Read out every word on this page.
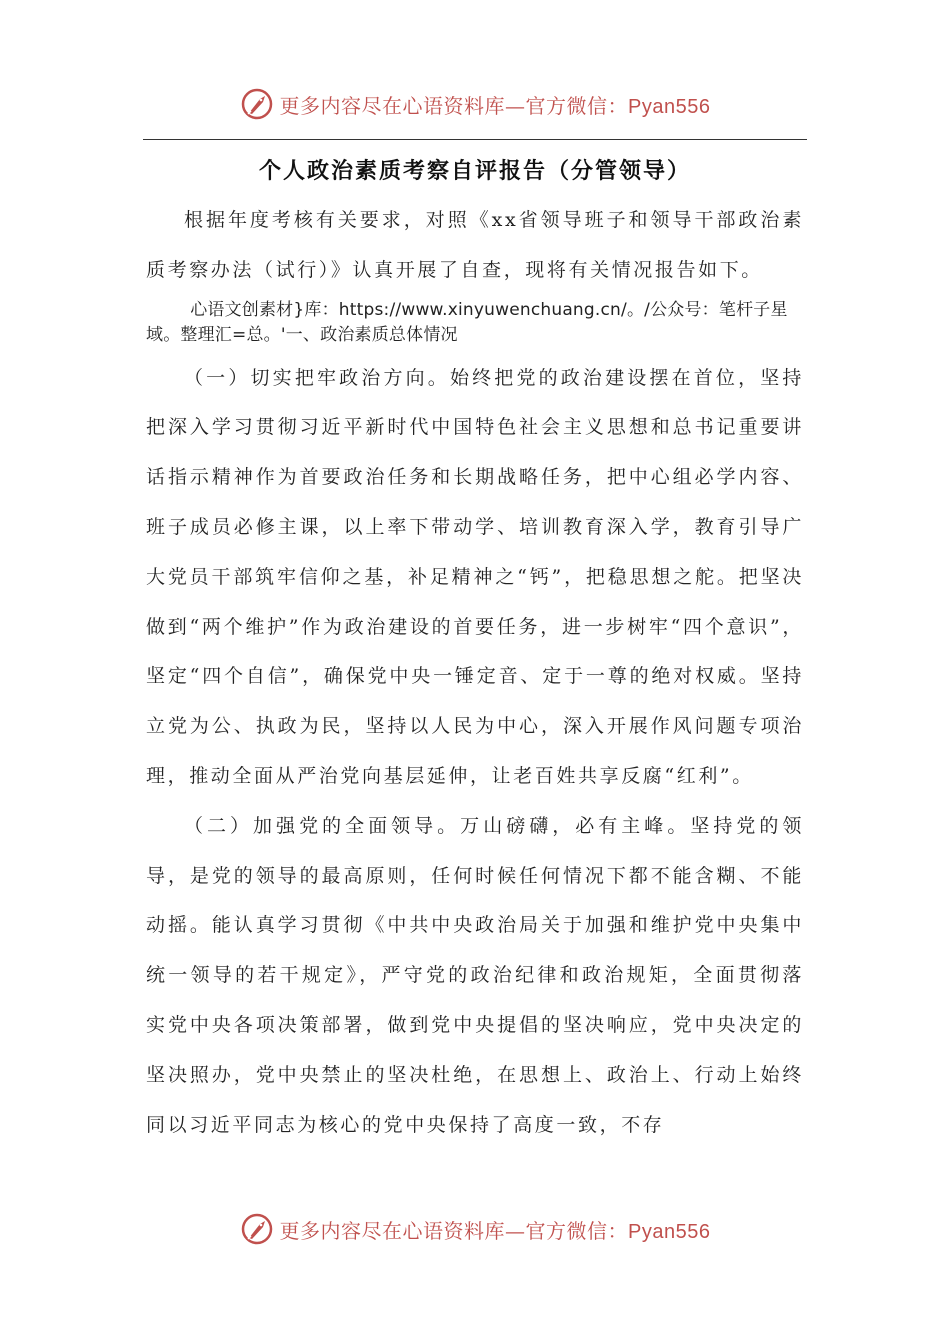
更多内容尽在心语资料库—官方微信：Pyan556
个人政治素质考察自评报告（分管领导）

根据年度考核有关要求，对照《xx省领导班子和领导干部政治素质考察办法（试行）》认真开展了自查，现将有关情况报告如下。

心语文创素材}库：https://www.xinyuwenchuang.cn/。/公众号：笔杆子星域。整理汇=总。'一、政治素质总体情况

（一）切实把牢政治方向。始终把党的政治建设摆在首位，坚持把深入学习贯彻习近平新时代中国特色社会主义思想和总书记重要讲话指示精神作为首要政治任务和长期战略任务，把中心组必学内容、班子成员必修主课，以上率下带动学、培训教育深入学，教育引导广大党员干部筑牢信仰之基，补足精神之“钙”，把稳思想之舵。把坚决做到“两个维护”作为政治建设的首要任务，进一步树牢“四个意识”，坚定“四个自信”，确保党中央一锤定音、定于一尊的绝对权威。坚持立党为公、执政为民，坚持以人民为中心，深入开展作风问题专项治理，推动全面从严治党向基层延伸，让老百姓共享反腐“红利”。

（二）加强党的全面领导。万山磅礴，必有主峰。坚持党的领导，是党的领导的最高原则，任何时候任何情况下都不能含糊、不能动摇。能认真学习贯彻《中共中央政治局关于加强和维护党中央集中统一领导的若干规定》，严守党的政治纪律和政治规矩，全面贯彻落实党中央各项决策部署，做到党中央提倡的坚决响应，党中央决定的坚决照办，党中央禁止的坚决杜绝，在思想上、政治上、行动上始终同以习近平同志为核心的党中央保持了高度一致，不存

更多内容尽在心语资料库—官方微信：Pyan556
